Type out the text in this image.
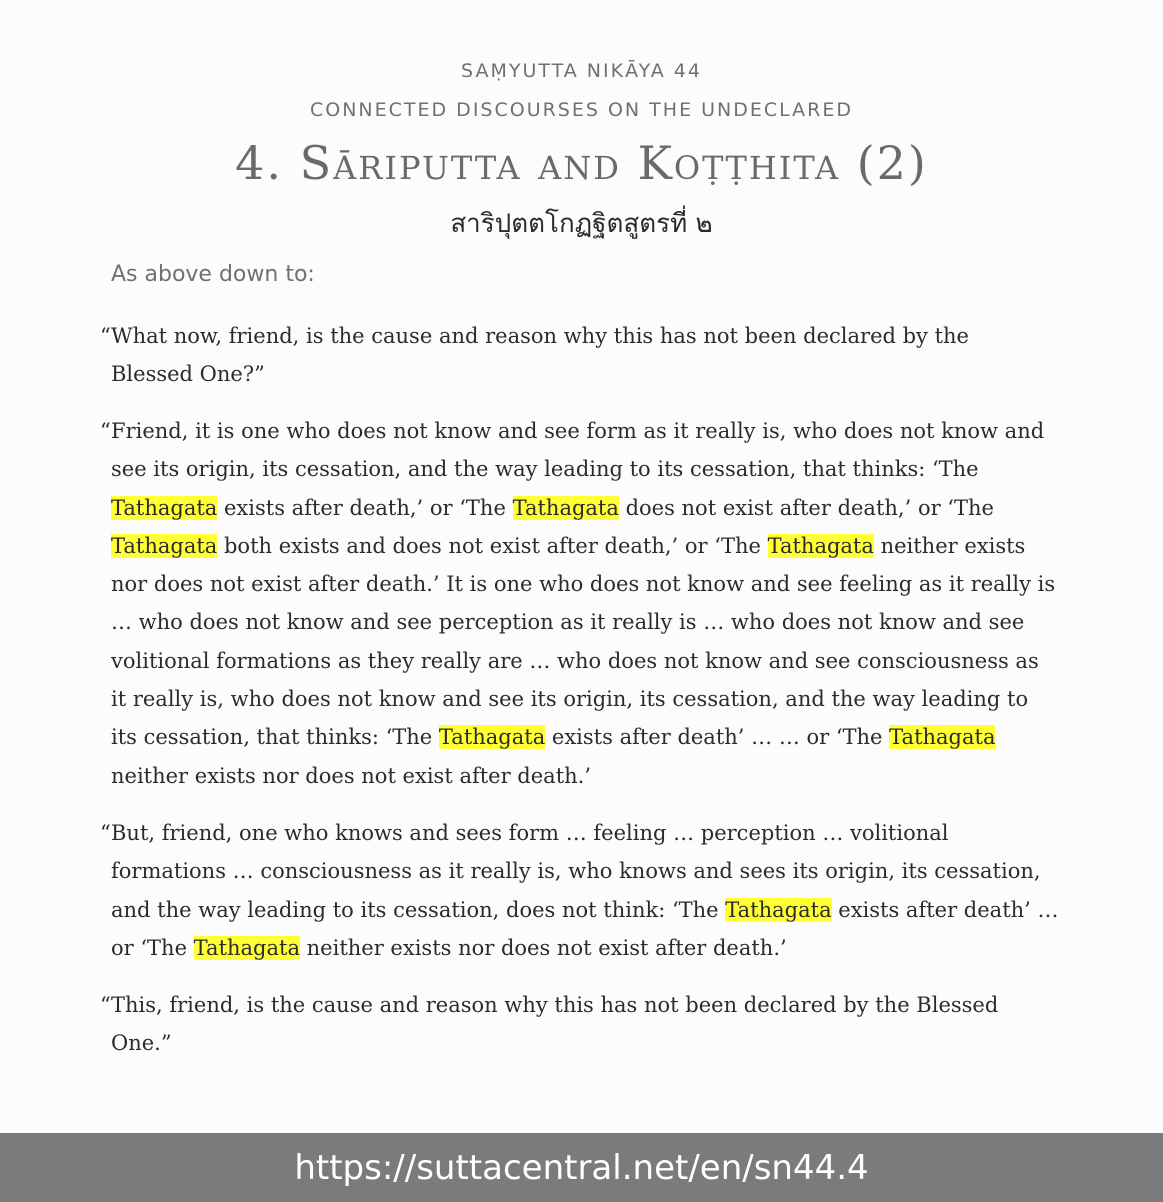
SAṂYUTTA NIKĀYA 44
CONNECTED DISCOURSES ON THE UNDECLARED
4. Sāriputta and Koṭṭhita (2)
สาริปุตตโกฏฐิตสูตรที่ ๒
As above down to:
“ What now, friend, is the cause and reason why this has not been declared by the
Blessed One?”
“ Friend, it is one who does not know and see form as it really is, who does not know and
see its origin, its cessation, and the way leading to its cessation, that thinks: ‘The
Tathagata exists after death,’ or ‘The Tathagata does not exist after death,’ or ‘The
Tathagata both exists and does not exist after death,’ or ‘The Tathagata neither exists
nor does not exist after death.’ It is one who does not know and see feeling as it really is
… who does not know and see perception as it really is … who does not know and see
volitional formations as they really are … who does not know and see consciousness as
it really is, who does not know and see its origin, its cessation, and the way leading to
its cessation, that thinks: ‘The Tathagata exists after death’ … … or ‘The Tathagata
neither exists nor does not exist after death.’
“ But, friend, one who knows and sees form … feeling … perception … volitional
formations … consciousness as it really is, who knows and sees its origin, its cessation,
and the way leading to its cessation, does not think: ‘The Tathagata exists after death’ …
or ‘The Tathagata neither exists nor does not exist after death.’
“ This, friend, is the cause and reason why this has not been declared by the Blessed
One.”
https://suttacentral.net/en/sn44.4
